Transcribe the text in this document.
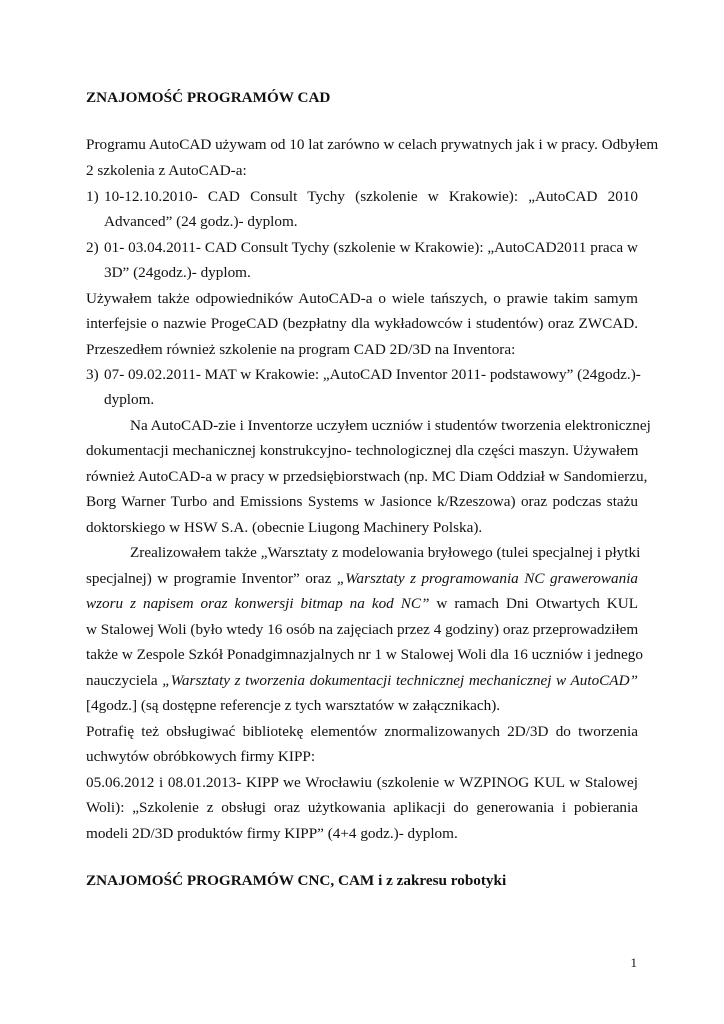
ZNAJOMOŚĆ PROGRAMÓW CAD
Programu AutoCAD używam od 10 lat zarówno w celach prywatnych jak i w pracy. Odbyłem
2 szkolenia z AutoCAD-a:
1) 10-12.10.2010- CAD Consult Tychy (szkolenie w Krakowie): „AutoCAD 2010
Advanced” (24 godz.)- dyplom.
2) 01- 03.04.2011- CAD Consult Tychy (szkolenie w Krakowie): „AutoCAD2011 praca w
3D” (24godz.)- dyplom.
Używałem także odpowiedników AutoCAD-a o wiele tańszych, o prawie takim samym
interfejsie o nazwie ProgeCAD (bezpłatny dla wykładowców i studentów) oraz ZWCAD.
Przeszedłem również szkolenie na program CAD 2D/3D na Inventora:
3) 07- 09.02.2011- MAT w Krakowie: „AutoCAD Inventor 2011- podstawowy” (24godz.)-
dyplom.
Na AutoCAD-zie i Inventorze uczyłem uczniów i studentów tworzenia elektronicznej
dokumentacji mechanicznej konstrukcyjno- technologicznej dla części maszyn. Używałem
również AutoCAD-a w pracy w przedsiębiorstwach (np. MC Diam Oddział w Sandomierzu,
Borg Warner Turbo and Emissions Systems w Jasionce k/Rzeszowa) oraz podczas stażu
doktorskiego w HSW S.A. (obecnie Liugong Machinery Polska).
Zrealizowałem także „Warsztaty z modelowania bryłowego (tulei specjalnej i płytki
specjalnej) w programie Inventor” oraz „Warsztaty z programowania NC grawerowania
wzoru z napisem oraz konwersji bitmap na kod NC” w ramach Dni Otwartych KUL
w Stalowej Woli (było wtedy 16 osób na zajęciach przez 4 godziny) oraz przeprowadziłem
także w Zespole Szkół Ponadgimnazjalnych nr 1 w Stalowej Woli dla 16 uczniów i jednego
nauczyciela „Warsztaty z tworzenia dokumentacji technicznej mechanicznej w AutoCAD”
[4godz.] (są dostępne referencje z tych warsztatów w załącznikach).
Potrafię też obsługiwać bibliotekę elementów znormalizowanych 2D/3D do tworzenia
uchwytów obróbkowych firmy KIPP:
05.06.2012 i 08.01.2013- KIPP we Wrocławiu (szkolenie w WZPINOG KUL w Stalowej
Woli): „Szkolenie z obsługi oraz użytkowania aplikacji do generowania i pobierania
modeli 2D/3D produktów firmy KIPP” (4+4 godz.)- dyplom.
ZNAJOMOŚĆ PROGRAMÓW CNC, CAM i z zakresu robotyki
1
